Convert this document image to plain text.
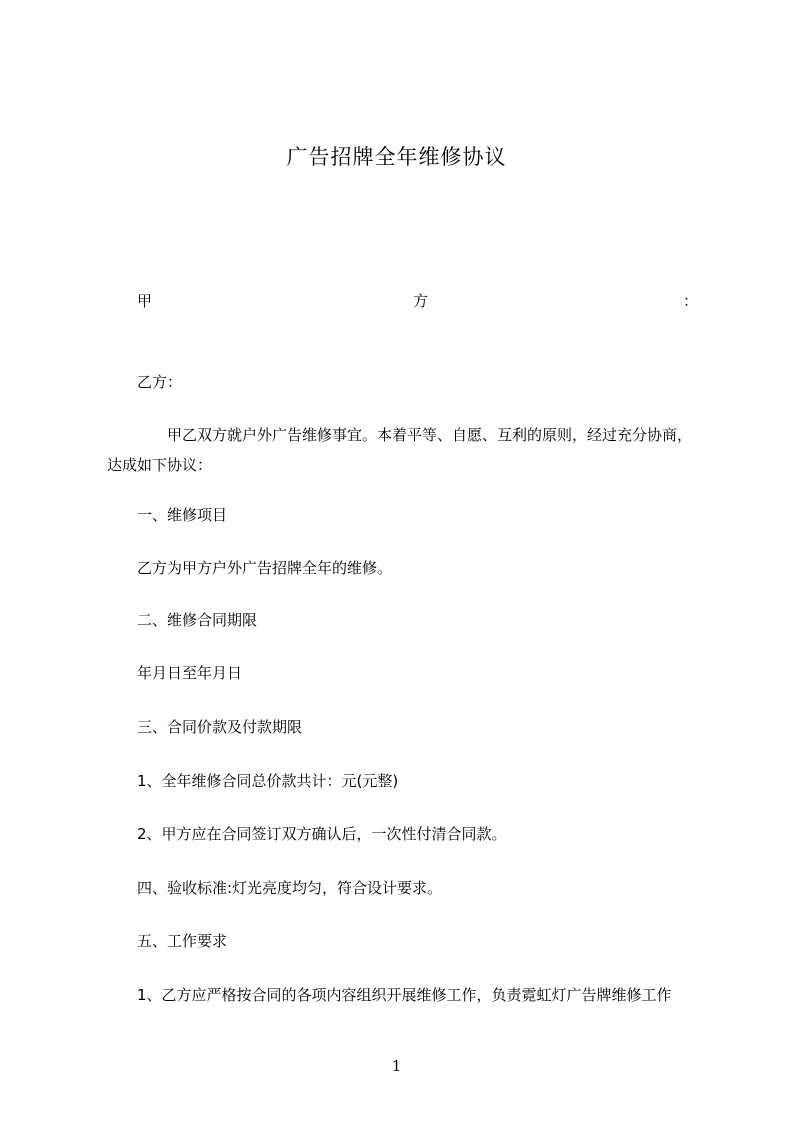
广告招牌全年维修协议
甲	方	：
乙方：
甲乙双方就户外广告维修事宜。本着平等、自愿、互利的原则，经过充分协商，
达成如下协议：
一、维修项目
乙方为甲方户外广告招牌全年的维修。
二、维修合同期限
年月日至年月日
三、合同价款及付款期限
1、全年维修合同总价款共计：元(元整)
2、甲方应在合同签订双方确认后，一次性付清合同款。
四、验收标准:灯光亮度均匀，符合设计要求。
五、工作要求
1、乙方应严格按合同的各项内容组织开展维修工作，负责霓虹灯广告牌维修工作
1
